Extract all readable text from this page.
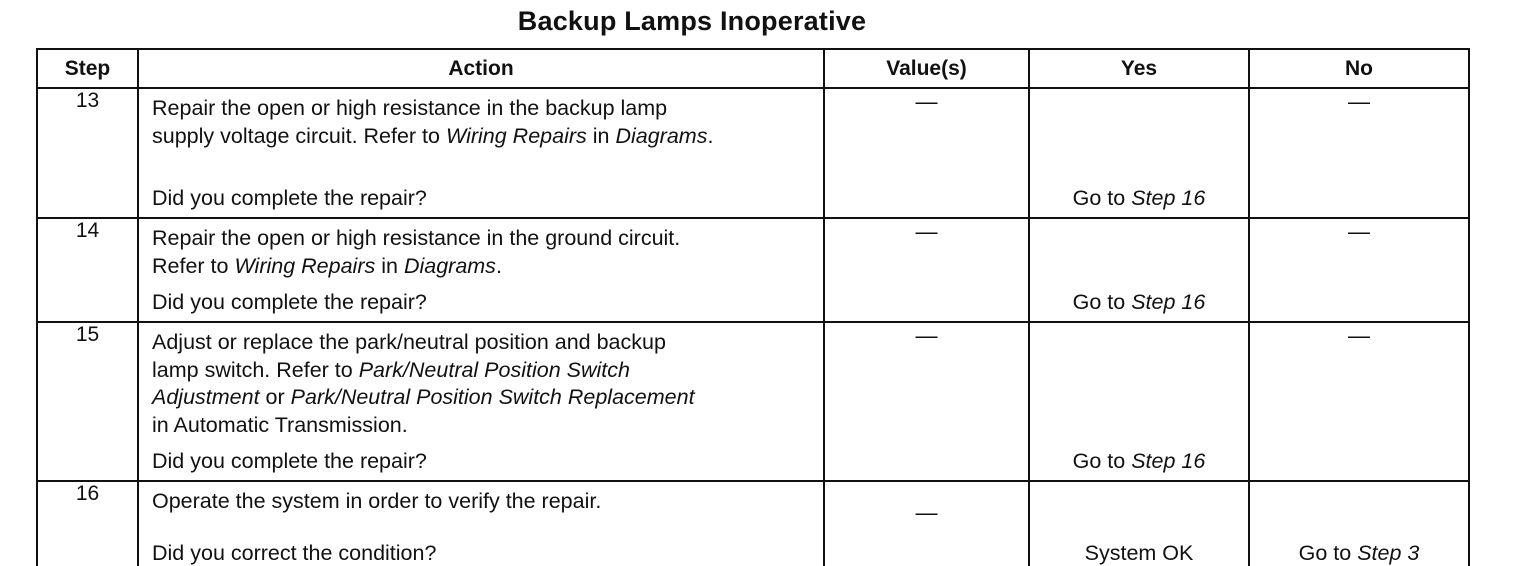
Backup Lamps Inoperative
Step	Action	Value(s)	Yes	No
13	Repair the open or high resistance in the backup lamp
supply voltage circuit. Refer to Wiring Repairs in Diagrams.
Did you complete the repair?	—	Go to Step 16	—
14	Repair the open or high resistance in the ground circuit.
Refer to Wiring Repairs in Diagrams.
Did you complete the repair?	—	Go to Step 16	—
15	Adjust or replace the park/neutral position and backup
lamp switch. Refer to Park/Neutral Position Switch
Adjustment or Park/Neutral Position Switch Replacement
in Automatic Transmission.
Did you complete the repair?	—	Go to Step 16	—
16	Operate the system in order to verify the repair.
Did you correct the condition?	—	System OK	Go to Step 3
